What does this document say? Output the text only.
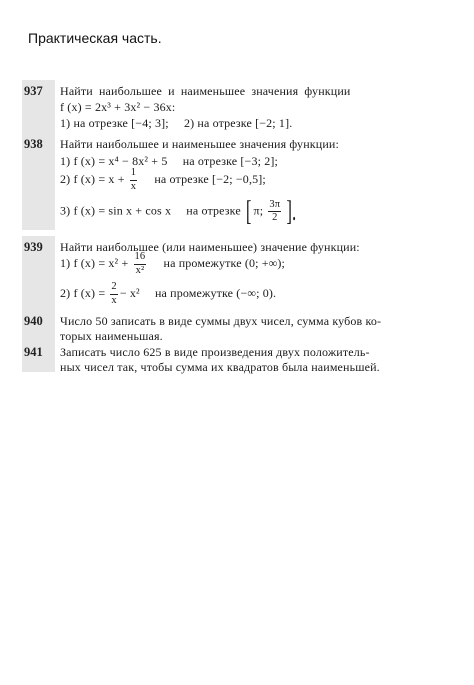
Практическая часть.
937 Найти наибольшее и наименьшее значения функции
f (x) = 2x³ + 3x² − 36x:
1) на отрезке [−4; 3]; 2) на отрезке [−2; 1].
938 Найти наибольшее и наименьшее значения функции:
1) f (x) = x⁴ − 8x² + 5 на отрезке [−3; 2];
2) f $(x) = x + \frac{1}{x}$ на отрезке [−2; −0,5];
3) f (x) = sin x + cos x на отрезке [ π; $\frac{3\pi}{2}$ ].
939 Найти наибольшее (или наименьшее) значение функции:
1) f $(x) = x^2 + \frac{16}{\text{x²}}$ на промежутке (0; +∞);
2) f $(x) = \frac{2}{x} - x^2$ на промежутке (−∞; 0).
940 Число 50 записать в виде суммы двух чисел, сумма кубов ко-
торых наименьшая.
941 Записать число 625 в виде произведения двух положитель-
ных чисел так, чтобы сумма их квадратов была наименьшей.
